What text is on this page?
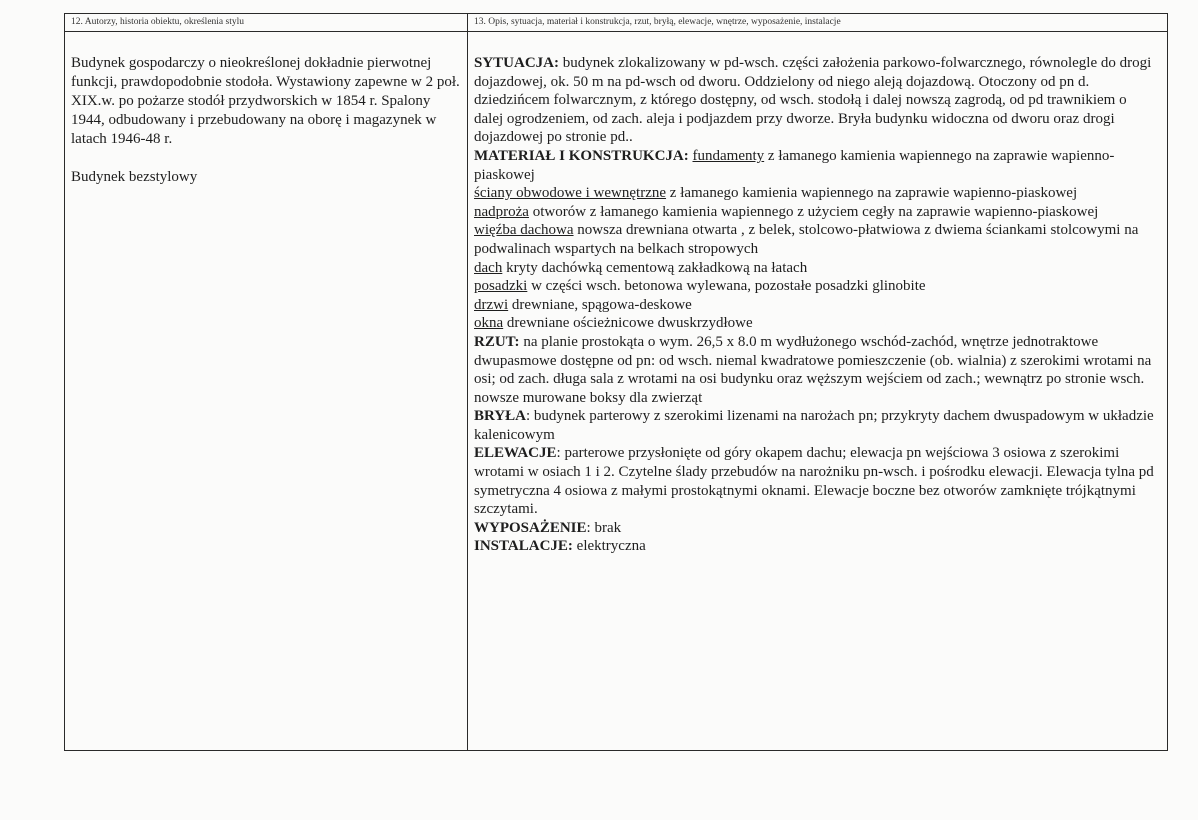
12. Autorzy, historia obiektu, określenia stylu

Budynek gospodarczy o nieokreślonej dokładnie pierwotnej funkcji, prawdopodobnie stodoła. Wystawiony zapewne w 2 poł. XIX.w. po pożarze stodół przydworskich w 1854 r. Spalony 1944, odbudowany i przebudowany na oborę i magazynek w latach 1946-48 r.

Budynek bezstylowy

13. Opis, sytuacja, materiał i konstrukcja, rzut, bryłą, elewacje, wnętrze, wyposażenie, instalacje

SYTUACJA: budynek zlokalizowany w pd-wsch. części założenia parkowo-folwarcznego, równolegle do drogi dojazdowej, ok. 50 m na pd-wsch od dworu. Oddzielony od niego aleją dojazdową. Otoczony od pn d. dziedzińcem folwarcznym, z którego dostępny, od wsch. stodołą i dalej nowszą zagrodą, od pd trawnikiem o dalej ogrodzeniem, od zach. aleja i podjazdem przy dworze. Bryła budynku widoczna od dworu oraz drogi dojazdowej po stronie pd..

MATERIAŁ I KONSTRUKCJA: fundamenty z łamanego kamienia wapiennego na zaprawie wapienno-piaskowej

ściany obwodowe i wewnętrzne z łamanego kamienia wapiennego na zaprawie wapienno-piaskowej

nadproża otworów z łamanego kamienia wapiennego z użyciem cegły na zaprawie wapienno-piaskowej

więźba dachowa nowsza drewniana otwarta , z belek, stolcowo-płatwiowa z dwiema ściankami stolcowymi na podwalinach wspartych na belkach stropowych

dach kryty dachówką cementową zakładkową na łatach

posadzki w części wsch. betonowa wylewana, pozostałe posadzki glinobite

drzwi drewniane, spągowa-deskowe

okna drewniane ościeżnicowe dwuskrzydłowe

RZUT: na planie prostokąta o wym. 26,5 x 8.0 m wydłużonego wschód-zachód, wnętrze jednotraktowe dwupasmowe dostępne od pn: od wsch. niemal kwadratowe pomieszczenie (ob. wialnia) z szerokimi wrotami na osi; od zach. długa sala z wrotami na osi budynku oraz węższym wejściem od zach.; wewnątrz po stronie wsch. nowsze murowane boksy dla zwierząt

BRYŁA: budynek parterowy z szerokimi lizenami na narożach pn; przykryty dachem dwuspadowym w układzie kalenicowym

ELEWACJE: parterowe przysłonięte od góry okapem dachu; elewacja pn wejściowa 3 osiowa z szerokimi wrotami w osiach 1 i 2. Czytelne ślady przebudów na narożniku pn-wsch. i pośrodku elewacji. Elewacja tylna pd symetryczna 4 osiowa z małymi prostokątnymi oknami. Elewacje boczne bez otworów zamknięte trójkątnymi szczytami.

WYPOSAŻENIE: brak

INSTALACJE: elektryczna
